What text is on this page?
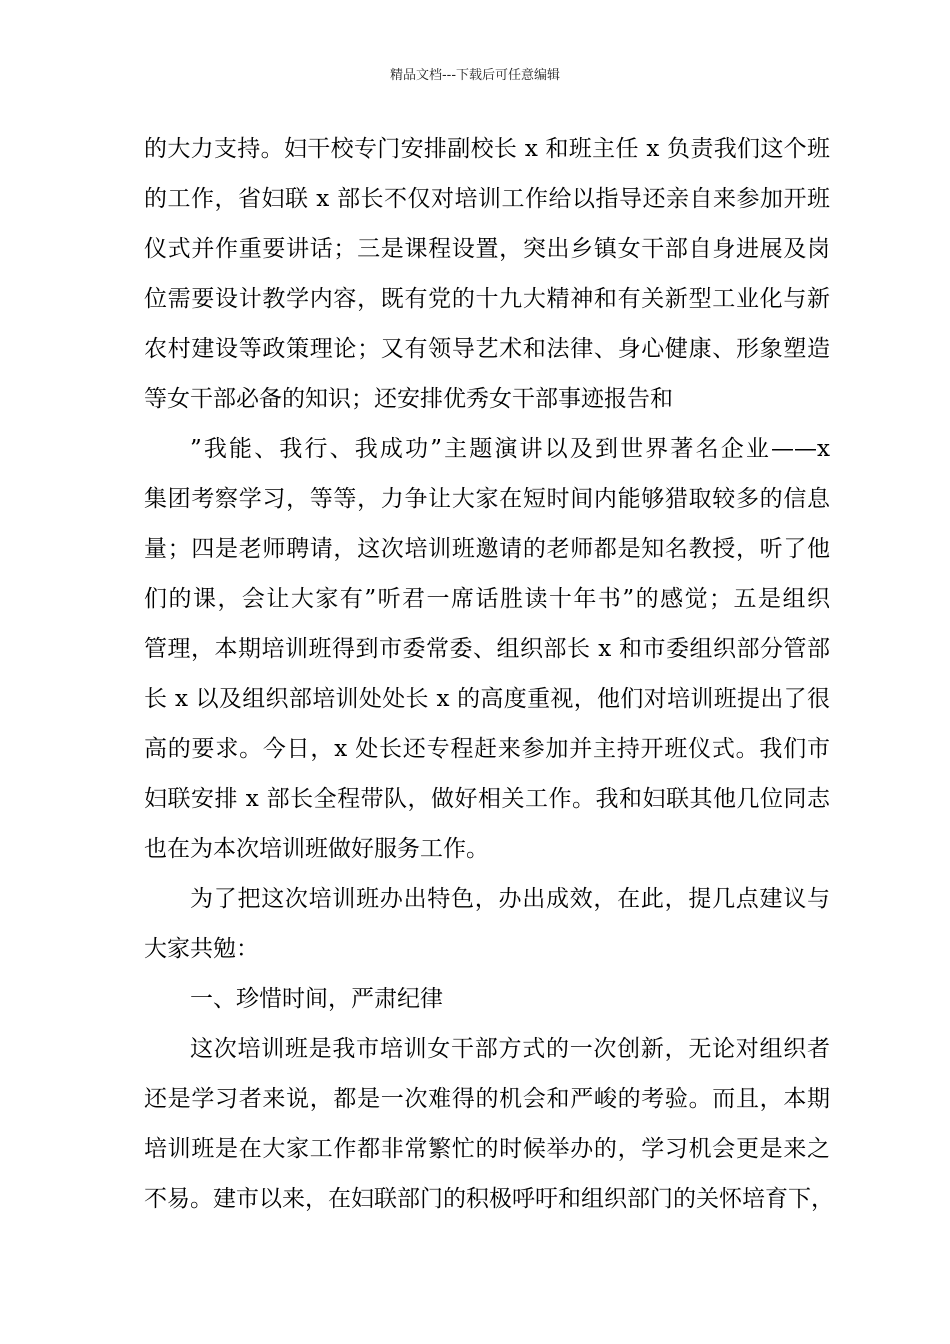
精品文档---下载后可任意编辑
的大力支持。妇干校专门安排副校长 x 和班主任 x 负责我们这个班
的工作，省妇联 x 部长不仅对培训工作给以指导还亲自来参加开班
仪式并作重要讲话；三是课程设置，突出乡镇女干部自身进展及岗
位需要设计教学内容，既有党的十九大精神和有关新型工业化与新
农村建设等政策理论；又有领导艺术和法律、身心健康、形象塑造
等女干部必备的知识；还安排优秀女干部事迹报告和
”我能、我行、我成功”主题演讲以及到世界著名企业——x
集团考察学习，等等，力争让大家在短时间内能够猎取较多的信息
量；四是老师聘请，这次培训班邀请的老师都是知名教授，听了他
们的课，会让大家有”听君一席话胜读十年书”的感觉；五是组织
管理，本期培训班得到市委常委、组织部长 x 和市委组织部分管部
长 x 以及组织部培训处处长 x 的高度重视，他们对培训班提出了很
高的要求。今日，x 处长还专程赶来参加并主持开班仪式。我们市
妇联安排 x 部长全程带队，做好相关工作。我和妇联其他几位同志
也在为本次培训班做好服务工作。
为了把这次培训班办出特色，办出成效，在此，提几点建议与
大家共勉：
一、珍惜时间，严肃纪律
这次培训班是我市培训女干部方式的一次创新，无论对组织者
还是学习者来说，都是一次难得的机会和严峻的考验。而且，本期
培训班是在大家工作都非常繁忙的时候举办的，学习机会更是来之
不易。建市以来，在妇联部门的积极呼吁和组织部门的关怀培育下，
